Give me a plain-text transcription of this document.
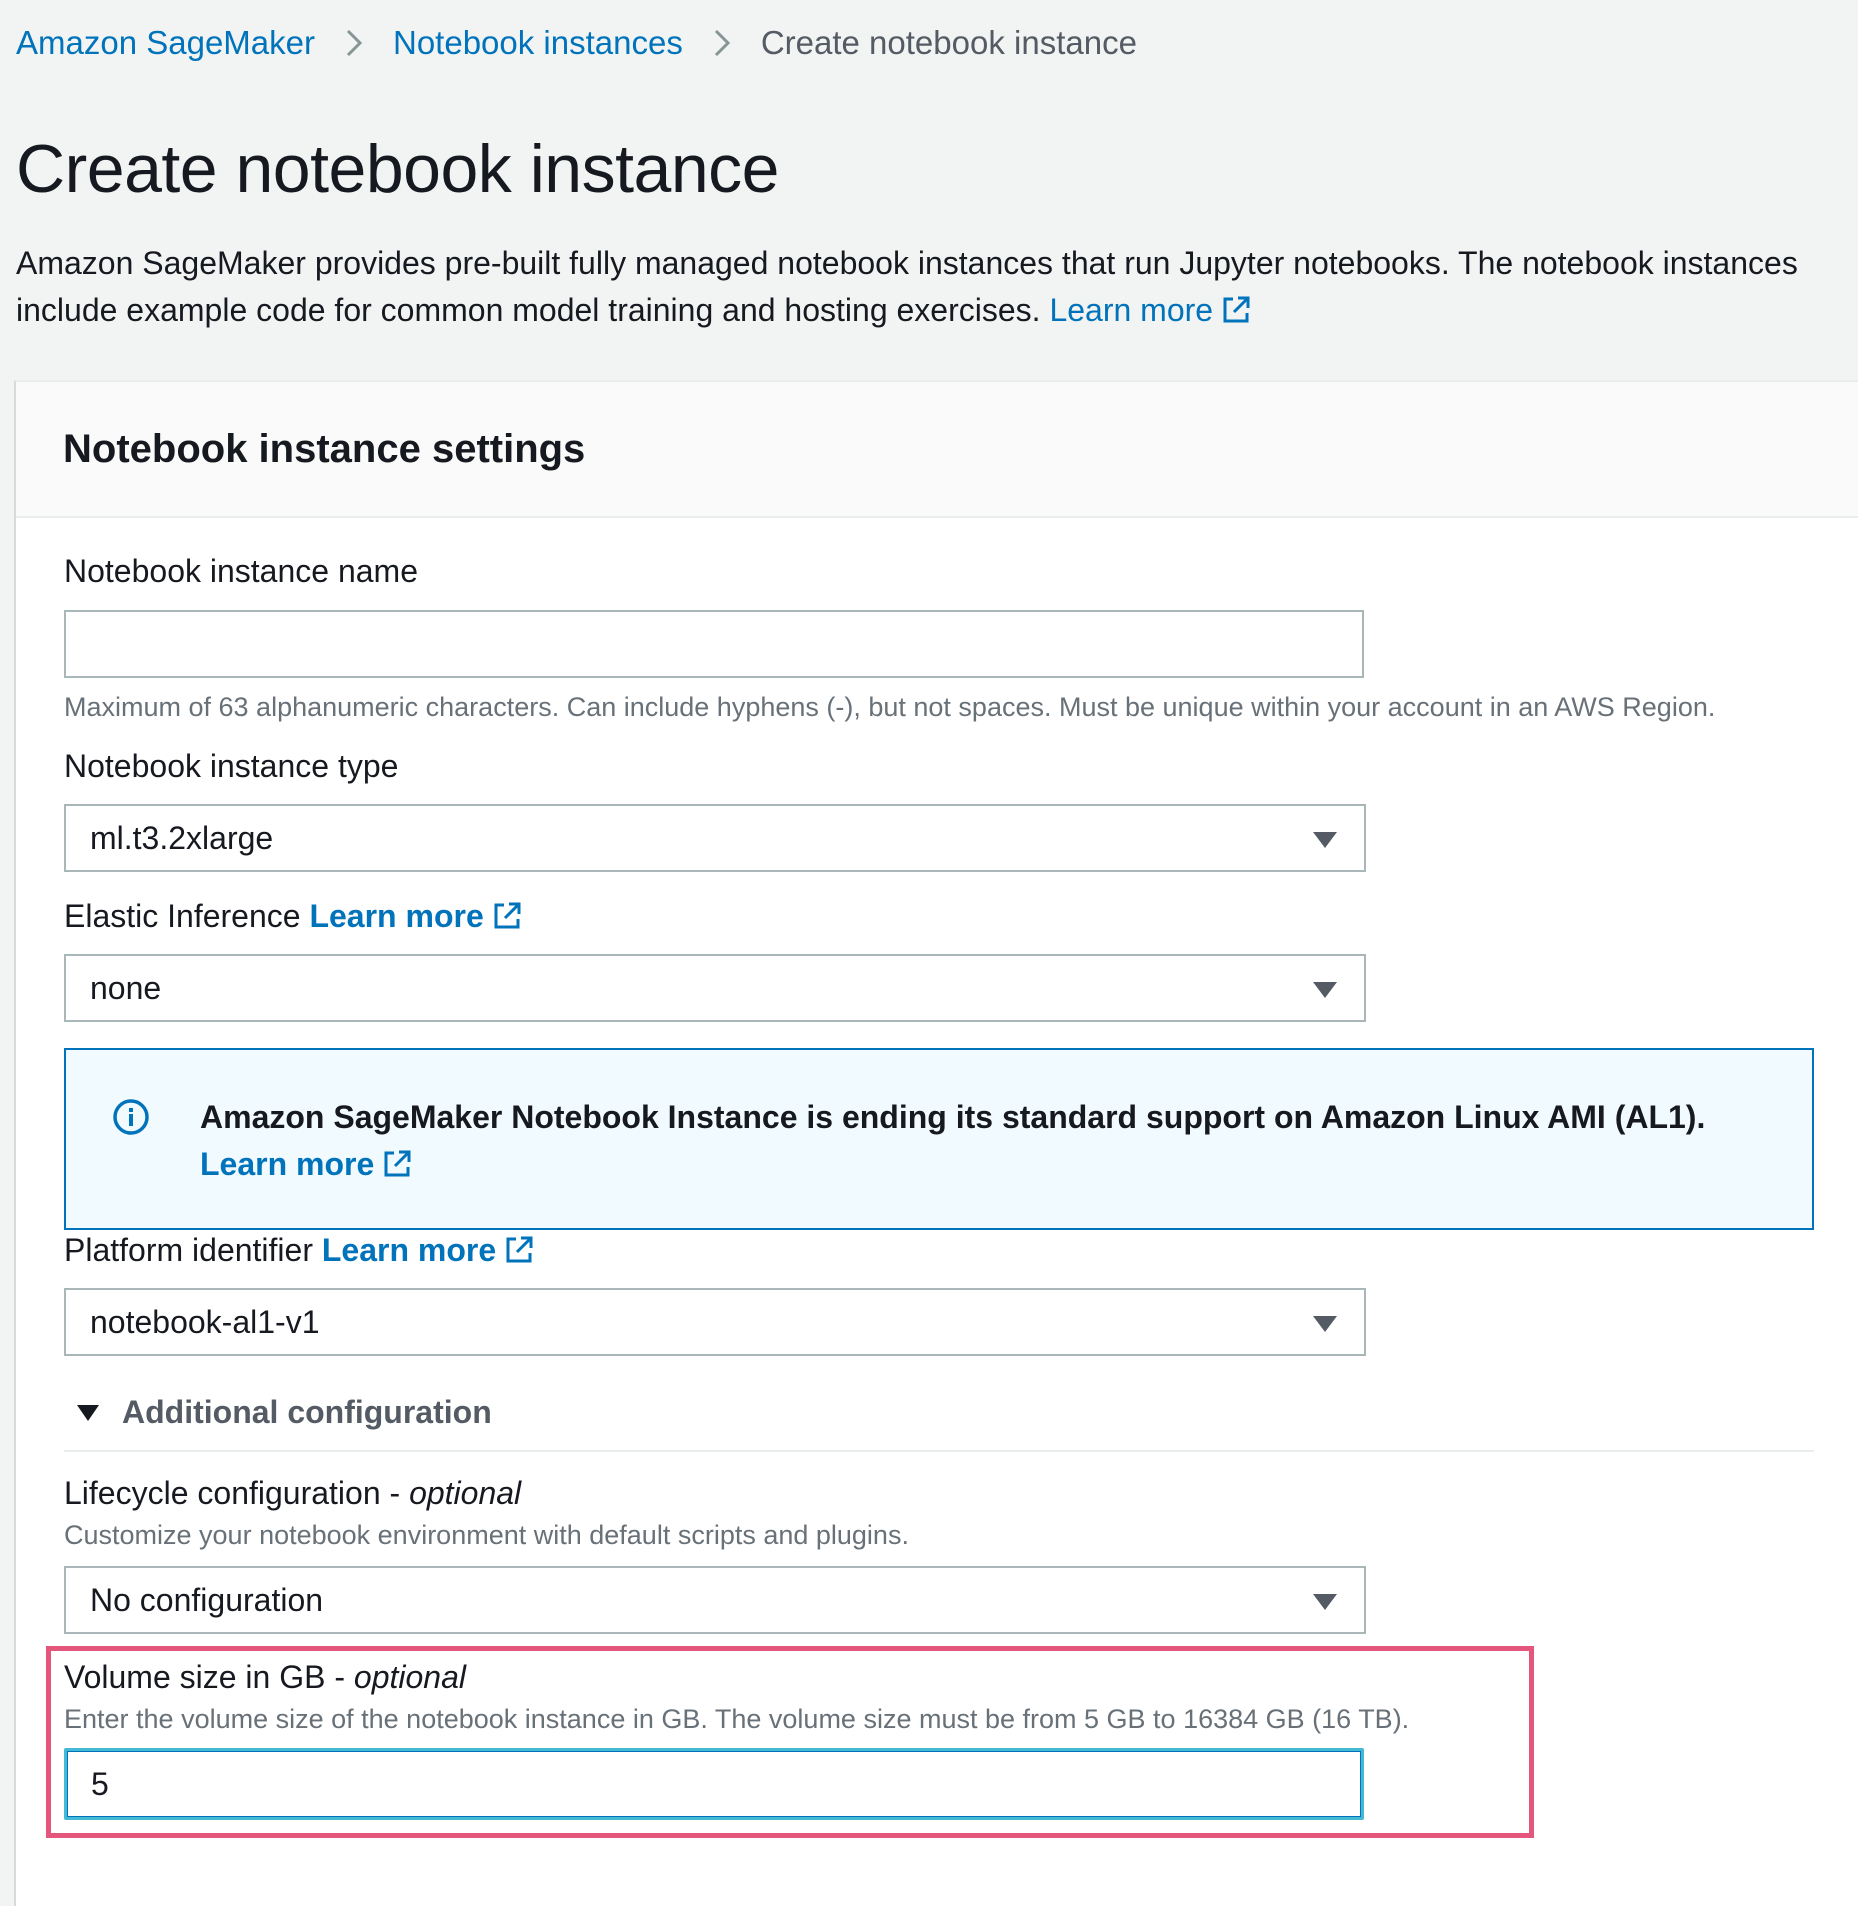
Amazon SageMaker Notebook instances Create notebook instance
Create notebook instance
Amazon SageMaker provides pre-built fully managed notebook instances that run Jupyter notebooks. The notebook instances include example code for common model training and hosting exercises. Learn more
Notebook instance settings
Notebook instance name
Maximum of 63 alphanumeric characters. Can include hyphens (-), but not spaces. Must be unique within your account in an AWS Region.
Notebook instance type
ml.t3.2xlarge
Elastic Inference Learn more
none
Amazon SageMaker Notebook Instance is ending its standard support on Amazon Linux AMI (AL1). Learn more
Platform identifier Learn more
notebook-al1-v1
Additional configuration
Lifecycle configuration - optional
Customize your notebook environment with default scripts and plugins.
No configuration
Volume size in GB - optional
Enter the volume size of the notebook instance in GB. The volume size must be from 5 GB to 16384 GB (16 TB).
5
